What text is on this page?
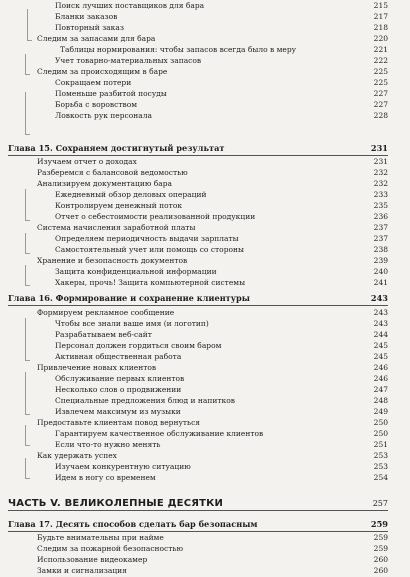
Поиск лучших поставщиков для бара	215
Бланки заказов	217
Повторный заказ	218
Следим за запасами для бара	220
Таблицы нормирования: чтобы запасов всегда было в меру	221
Учет товарно-материальных запасов	222
Следим за происходящим в баре	225
Сокращаем потери	225
Поменьше разбитой посуды	227
Борьба с воровством	227
Ловкость рук персонала	228
Глава 15. Сохраняем достигнутый результат	231
Изучаем отчет о доходах	231
Разберемся с балансовой ведомостью	232
Анализируем документацию бара	232
Ежедневный обзор деловых операций	233
Контролируем денежный поток	235
Отчет о себестоимости реализованной продукции	236
Система начисления заработной платы	237
Определяем периодичность выдачи зарплаты	237
Самостоятельный учет или помощь со стороны	238
Хранение и безопасность документов	239
Защита конфиденциальной информации	240
Хакеры, прочь! Защита компьютерной системы	241
Глава 16. Формирование и сохранение клиентуры	243
Формируем рекламное сообщение	243
Чтобы все знали ваше имя (и логотип)	243
Разрабатываем веб-сайт	244
Персонал должен гордиться своим баром	245
Активная общественная работа	245
Привлечение новых клиентов	246
Обслуживание первых клиентов	246
Несколько слов о продвижении	247
Специальные предложения блюд и напитков	248
Извлечем максимум из музыки	249
Предоставьте клиентам повод вернуться	250
Гарантируем качественное обслуживание клиентов	250
Если что-то нужно менять	251
Как удержать успех	253
Изучаем конкурентную ситуацию	253
Идем в ногу со временем	254
ЧАСТЬ V. ВЕЛИКОЛЕПНЫЕ ДЕСЯТКИ	257
Глава 17. Десять способов сделать бар безопасным	259
Будьте внимательны при найме	259
Следим за пожарной безопасностью	259
Использование видеокамер	260
Замки и сигнализация	260
